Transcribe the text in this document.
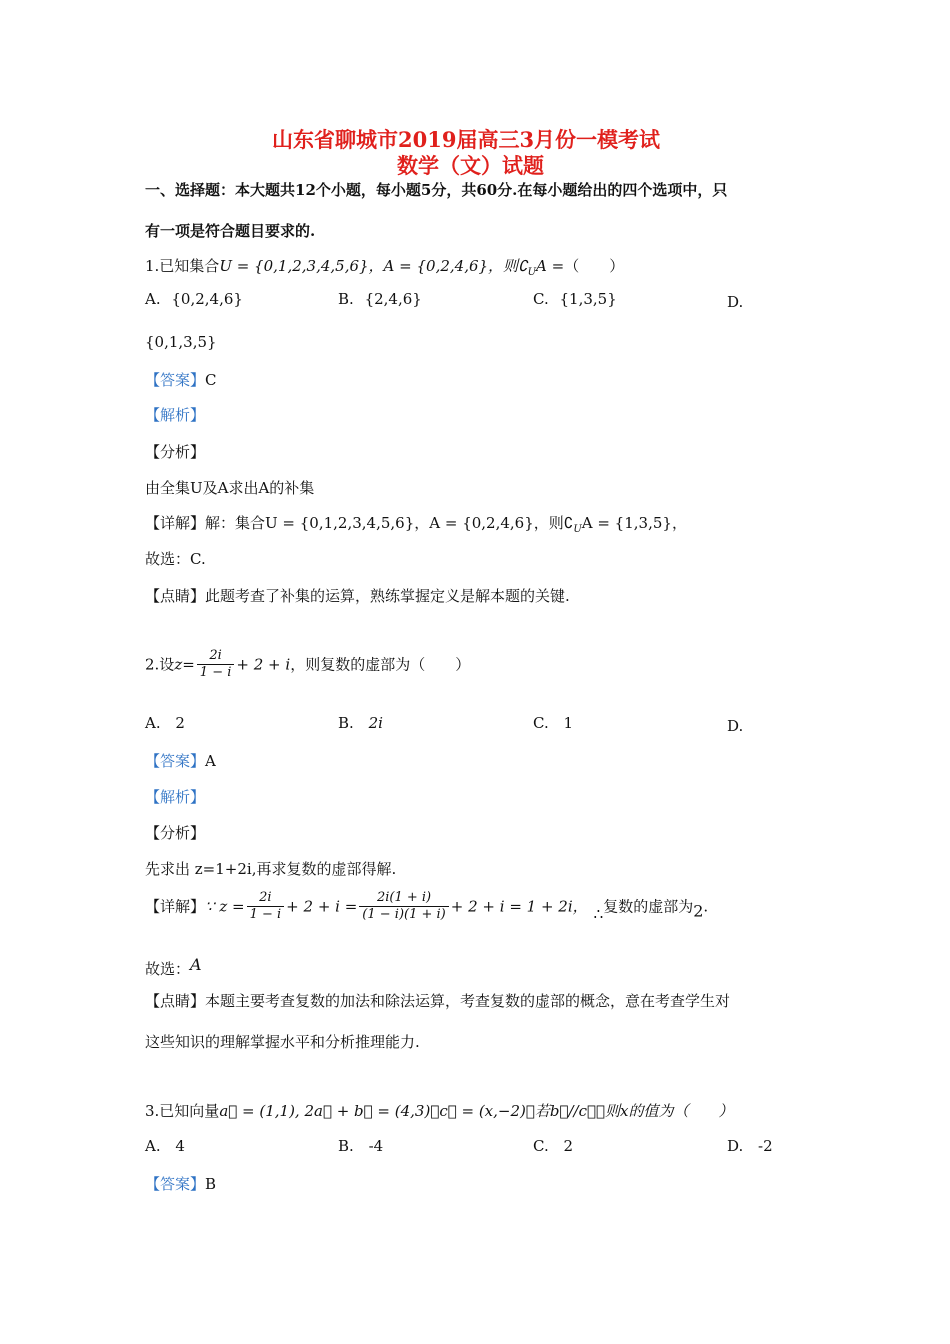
山东省聊城市2019届高三3月份一模考试
数学（文）试题
一、选择题：本大题共12个小题，每小题5分，共60分.在每小题给出的四个选项中，只
有一项是符合题目要求的.
1.已知集合U = {0,1,2,3,4,5,6}，A = {0,2,4,6}，则$∁_UA$ =（　　）
A. {0,2,4,6}	B. {2,4,6}	C. {1,3,5}	D.
{0,1,3,5}
【答案】C
【解析】
【分析】
由全集U及A求出A的补集
【详解】解：集合U = {0,1,2,3,4,5,6}，A = {0,2,4,6}，则$∁_UA = \{1,3,5\}$，
故选：C.
【点睛】此题考查了补集的运算，熟练掌握定义是解本题的关键.
2.设$z= \frac{2i}{1 - i} + 2 + i$，则复数的虚部为（　　）
A. 2	B. 2i	C. 1	D.
【答案】A
【解析】
【分析】
先求出 z=1+2i,再求复数的虚部得解.
【详解】∵ $z = \frac{2i}{1 - i} + 2 + i = \frac{2i(1 + i)}{(1 - i)(1 + i)} + 2 + i = 1 + 2i$， ∴复数的虚部为2.
故选：A
【点睛】本题主要考查复数的加法和除法运算，考查复数的虚部的概念，意在考查学生对
这些知识的理解掌握水平和分析推理能力.
3.已知向量a⃗ = (1,1), 2a⃗ + b⃗ = (4,3)，c⃗ = (x,−2)，若b⃗//c⃗，则x的值为（　　）
A. 4	B. -4	C. 2	D. -2
【答案】B
